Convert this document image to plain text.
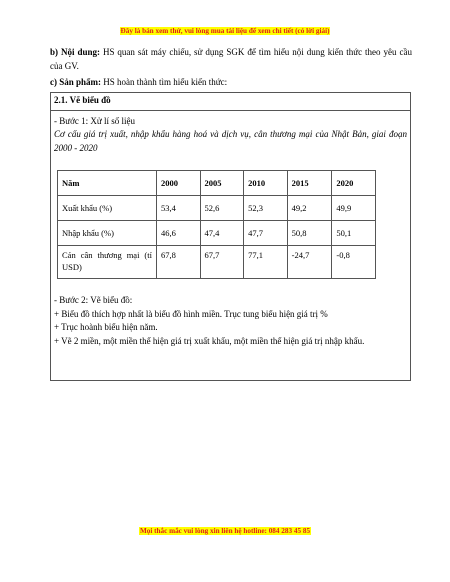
Đây là bản xem thử, vui lòng mua tài liệu để xem chi tiết (có lời giải)

b) Nội dung: HS quan sát máy chiếu, sử dụng SGK để tìm hiểu nội dung kiến thức theo yêu cầu của GV.

c) Sản phẩm: HS hoàn thành tìm hiểu kiến thức:

2.1. Vẽ biểu đồ

- Bước 1: Xử lí số liệu

Cơ cấu giá trị xuất, nhập khẩu hàng hoá và dịch vụ, cân thương mại của Nhật Bản, giai đoạn 2000 - 2020

Năm	2000	2005	2010	2015	2020
Xuất khẩu (%)	53,4	52,6	52,3	49,2	49,9
Nhập khẩu (%)	46,6	47,4	47,7	50,8	50,1
Cán cân thương mại (tỉ USD)	67,8	67,7	77,1	-24,7	-0,8

- Bước 2: Vẽ biểu đồ:

+ Biểu đồ thích hợp nhất là biểu đồ hình miền. Trục tung biểu hiện giá trị %

+ Trục hoành biểu hiện năm.

+ Vẽ 2 miền, một miền thể hiện giá trị xuất khẩu, một miền thể hiện giá trị nhập khẩu.

Mọi thắc mắc vui lòng xin liên hệ hotline: 084 283 45 85
